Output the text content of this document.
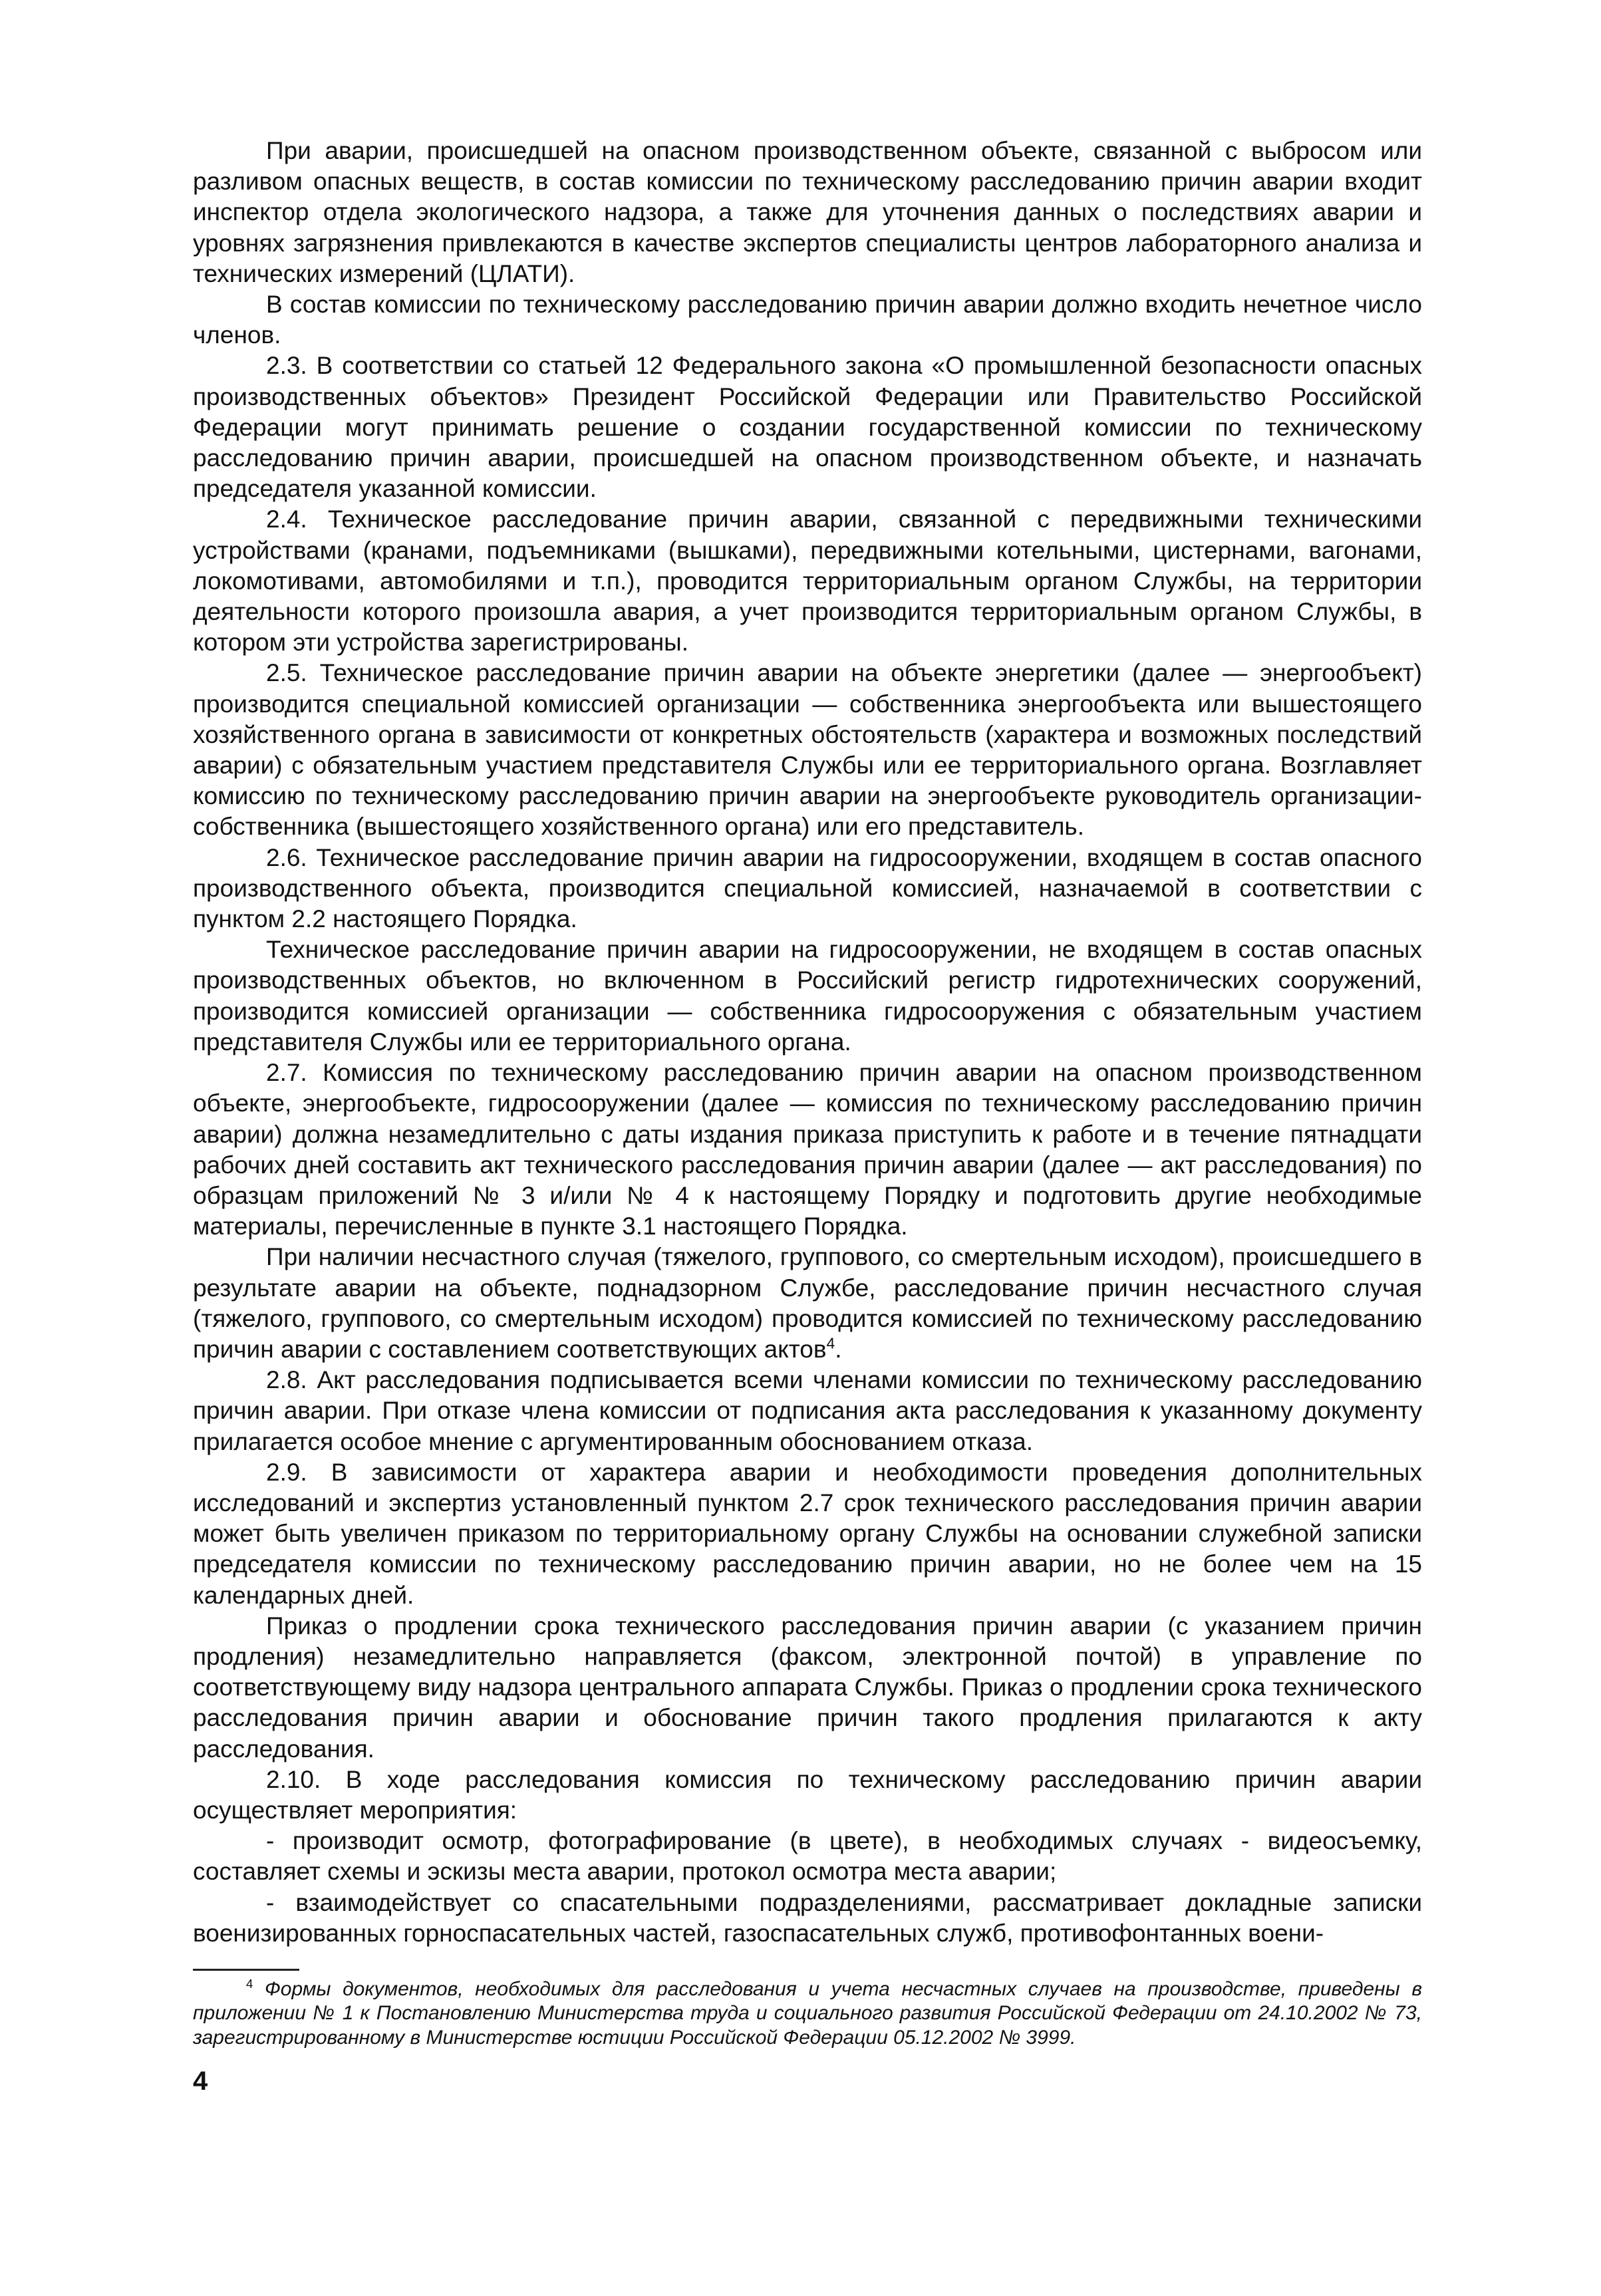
При аварии, происшедшей на опасном производственном объекте, связанной с выбросом или разливом опасных веществ, в состав комиссии по техническому расследованию причин аварии входит инспектор отдела экологического надзора, а также для уточнения данных о последствиях аварии и уровнях загрязнения привлекаются в качестве экспертов специалисты центров лабораторного анализа и технических измерений (ЦЛАТИ).

В состав комиссии по техническому расследованию причин аварии должно входить нечетное число членов.

2.3. В соответствии со статьей 12 Федерального закона «О промышленной безопасности опасных производственных объектов» Президент Российской Федерации или Правительство Российской Федерации могут принимать решение о создании государственной комиссии по техническому расследованию причин аварии, происшедшей на опасном производственном объекте, и назначать председателя указанной комиссии.

2.4. Техническое расследование причин аварии, связанной с передвижными техническими устройствами (кранами, подъемниками (вышками), передвижными котельными, цистернами, вагонами, локомотивами, автомобилями и т.п.), проводится территориальным органом Службы, на территории деятельности которого произошла авария, а учет производится территориальным органом Службы, в котором эти устройства зарегистрированы.

2.5. Техническое расследование причин аварии на объекте энергетики (далее — энергообъект) производится специальной комиссией организации — собственника энергообъекта или вышестоящего хозяйственного органа в зависимости от конкретных обстоятельств (характера и возможных последствий аварии) с обязательным участием представителя Службы или ее территориального органа. Возглавляет комиссию по техническому расследованию причин аварии на энергообъекте руководитель организации-собственника (вышестоящего хозяйственного органа) или его представитель.

2.6. Техническое расследование причин аварии на гидросооружении, входящем в состав опасного производственного объекта, производится специальной комиссией, назначаемой в соответствии с пунктом 2.2 настоящего Порядка.

Техническое расследование причин аварии на гидросооружении, не входящем в состав опасных производственных объектов, но включенном в Российский регистр гидротехнических сооружений, производится комиссией организации — собственника гидросооружения с обязательным участием представителя Службы или ее территориального органа.

2.7. Комиссия по техническому расследованию причин аварии на опасном производственном объекте, энергообъекте, гидросооружении (далее — комиссия по техническому расследованию причин аварии) должна незамедлительно с даты издания приказа приступить к работе и в течение пятнадцати рабочих дней составить акт технического расследования причин аварии (далее — акт расследования) по образцам приложений № 3 и/или № 4 к настоящему Порядку и подготовить другие необходимые материалы, перечисленные в пункте 3.1 настоящего Порядка.

При наличии несчастного случая (тяжелого, группового, со смертельным исходом), происшедшего в результате аварии на объекте, поднадзорном Службе, расследование причин несчастного случая (тяжелого, группового, со смертельным исходом) проводится комиссией по техническому расследованию причин аварии с составлением соответствующих актов$^4$.

2.8. Акт расследования подписывается всеми членами комиссии по техническому расследованию причин аварии. При отказе члена комиссии от подписания акта расследования к указанному документу прилагается особое мнение с аргументированным обоснованием отказа.

2.9. В зависимости от характера аварии и необходимости проведения дополнительных исследований и экспертиз установленный пунктом 2.7 срок технического расследования причин аварии может быть увеличен приказом по территориальному органу Службы на основании служебной записки председателя комиссии по техническому расследованию причин аварии, но не более чем на 15 календарных дней.

Приказ о продлении срока технического расследования причин аварии (с указанием причин продления) незамедлительно направляется (факсом, электронной почтой) в управление по соответствующему виду надзора центрального аппарата Службы. Приказ о продлении срока технического расследования причин аварии и обоснование причин такого продления прилагаются к акту расследования.

2.10. В ходе расследования комиссия по техническому расследованию причин аварии осуществляет мероприятия:

- производит осмотр, фотографирование (в цвете), в необходимых случаях - видеосъемку, составляет схемы и эскизы места аварии, протокол осмотра места аварии;

- взаимодействует со спасательными подразделениями, рассматривает докладные записки военизированных горноспасательных частей, газоспасательных служб, противофонтанных воени-

$^4$ Формы документов, необходимых для расследования и учета несчастных случаев на производстве, приведены в приложении № 1 к Постановлению Министерства труда и социального развития Российской Федерации от 24.10.2002 № 73, зарегистрированному в Министерстве юстиции Российской Федерации 05.12.2002 № 3999.

4
